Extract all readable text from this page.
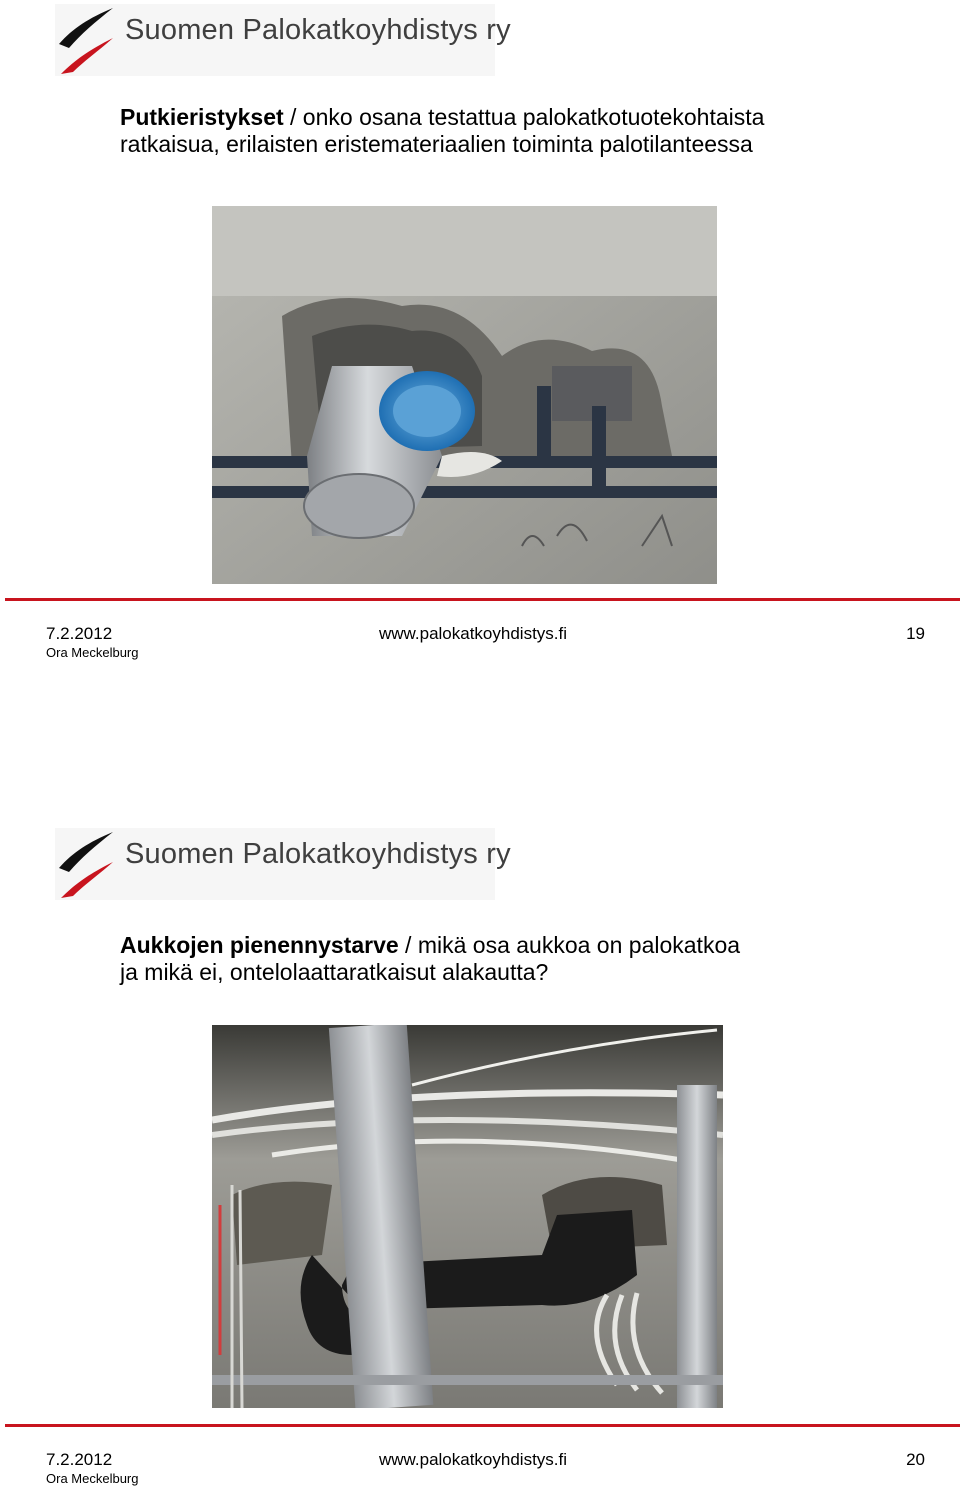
Suomen Palokatkoyhdistys ry
Putkieristykset / onko osana testattua palokatkotuotekohtaista ratkaisua, erilaisten eristemateriaalien toiminta palotilanteessa
7.2.2012
Ora Meckelburg
www.palokatkoyhdistys.fi	19
Suomen Palokatkoyhdistys ry
Aukkojen pienennystarve / mikä osa aukkoa on palokatkoa ja mikä ei, ontelolaattaratkaisut alakautta?
7.2.2012
Ora Meckelburg
www.palokatkoyhdistys.fi	20
